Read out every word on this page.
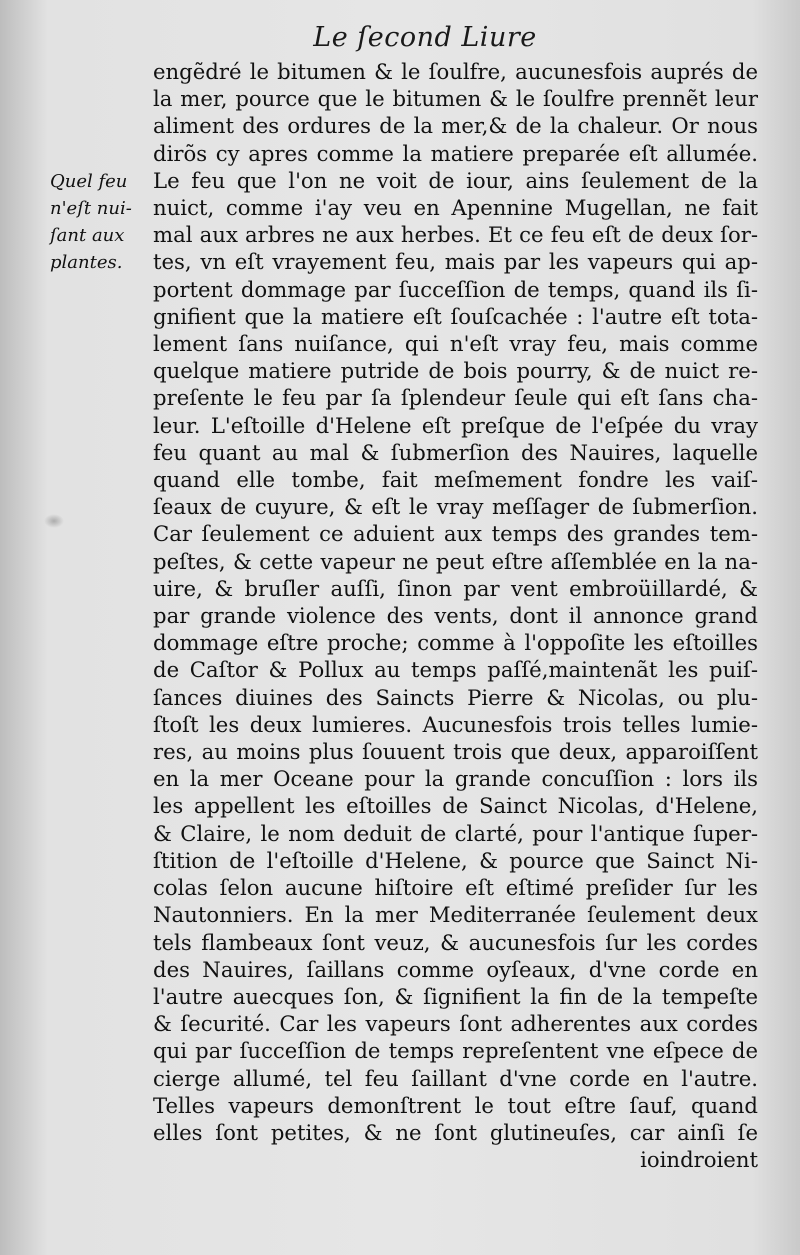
Le ſecond Liure
Quel feu
n'eſt nui-
ſant aux
plantes.
engẽdré le bitumen & le ſoulfre, aucunesfois auprés de
la mer, pource que le bitumen & le ſoulfre prennẽt leur
aliment des ordures de la mer,& de la chaleur. Or nous
dirõs cy apres comme la matiere preparée eſt allumée.
Le feu que l'on ne voit de iour, ains ſeulement de la
nuict, comme i'ay veu en Apennine Mugellan, ne fait
mal aux arbres ne aux herbes. Et ce feu eſt de deux ſor-
tes, vn eſt vrayement feu, mais par les vapeurs qui ap-
portent dommage par ſucceſſion de temps, quand ils ſi-
gnifient que la matiere eſt ſouſcachée : l'autre eſt tota-
lement ſans nuiſance, qui n'eſt vray feu, mais comme
quelque matiere putride de bois pourry, & de nuict re-
preſente le feu par ſa ſplendeur ſeule qui eſt ſans cha-
leur. L'eſtoille d'Helene eſt preſque de l'eſpée du vray
feu quant au mal & ſubmerſion des Nauires, laquelle
quand elle tombe, fait meſmement fondre les vaiſ-
ſeaux de cuyure, & eſt le vray meſſager de ſubmerſion.
Car ſeulement ce aduient aux temps des grandes tem-
peſtes, & cette vapeur ne peut eſtre aſſemblée en la na-
uire, & bruſler auſſi, ſinon par vent embroüillardé, &
par grande violence des vents, dont il annonce grand
dommage eſtre proche; comme à l'oppoſite les eſtoilles
de Caſtor & Pollux au temps paſſé,maintenãt les puiſ-
ſances diuines des Saincts Pierre & Nicolas, ou plu-
ſtoſt les deux lumieres. Aucunesfois trois telles lumie-
res, au moins plus ſouuent trois que deux, apparoiſſent
en la mer Oceane pour la grande concuſſion : lors ils
les appellent les eſtoilles de Sainct Nicolas, d'Helene,
& Claire, le nom deduit de clarté, pour l'antique ſuper-
ſtition de l'eſtoille d'Helene, & pource que Sainct Ni-
colas ſelon aucune hiſtoire eſt eſtimé preſider ſur les
Nautonniers. En la mer Mediterranée ſeulement deux
tels flambeaux ſont veuz, & aucunesfois ſur les cordes
des Nauires, ſaillans comme oyſeaux, d'vne corde en
l'autre auecques ſon, & ſignifient la fin de la tempeſte
& ſecurité. Car les vapeurs ſont adherentes aux cordes
qui par ſucceſſion de temps repreſentent vne eſpece de
cierge allumé, tel feu ſaillant d'vne corde en l'autre.
Telles vapeurs demonſtrent le tout eſtre ſauf, quand
elles ſont petites, & ne ſont glutineuſes, car ainſi ſe
ioindroient
